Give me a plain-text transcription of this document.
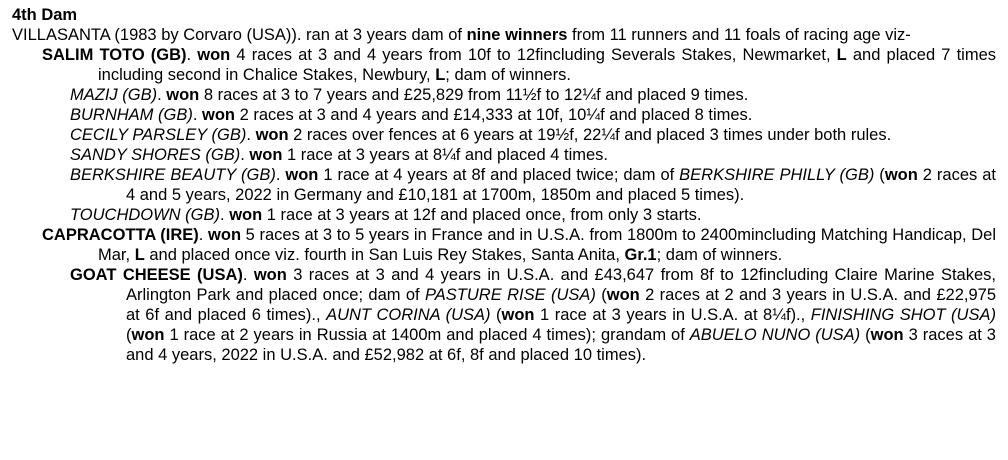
4th Dam
VILLASANTA (1983 by Corvaro (USA)). ran at 3 years dam of nine winners from 11 runners and 11 foals of racing age viz-
SALIM TOTO (GB). won 4 races at 3 and 4 years from 10f to 12fincluding Severals Stakes, Newmarket, L and placed 7 times including second in Chalice Stakes, Newbury, L; dam of winners.
MAZIJ (GB). won 8 races at 3 to 7 years and £25,829 from 11½f to 12¼f and placed 9 times.
BURNHAM (GB). won 2 races at 3 and 4 years and £14,333 at 10f, 10¼f and placed 8 times.
CECILY PARSLEY (GB). won 2 races over fences at 6 years at 19½f, 22¼f and placed 3 times under both rules.
SANDY SHORES (GB). won 1 race at 3 years at 8¼f and placed 4 times.
BERKSHIRE BEAUTY (GB). won 1 race at 4 years at 8f and placed twice; dam of BERKSHIRE PHILLY (GB) (won 2 races at 4 and 5 years, 2022 in Germany and £10,181 at 1700m, 1850m and placed 5 times).
TOUCHDOWN (GB). won 1 race at 3 years at 12f and placed once, from only 3 starts.
CAPRACOTTA (IRE). won 5 races at 3 to 5 years in France and in U.S.A. from 1800m to 2400mincluding Matching Handicap, Del Mar, L and placed once viz. fourth in San Luis Rey Stakes, Santa Anita, Gr.1; dam of winners.
GOAT CHEESE (USA). won 3 races at 3 and 4 years in U.S.A. and £43,647 from 8f to 12fincluding Claire Marine Stakes, Arlington Park and placed once; dam of PASTURE RISE (USA) (won 2 races at 2 and 3 years in U.S.A. and £22,975 at 6f and placed 6 times)., AUNT CORINA (USA) (won 1 race at 3 years in U.S.A. at 8¼f)., FINISHING SHOT (USA) (won 1 race at 2 years in Russia at 1400m and placed 4 times); grandam of ABUELO NUNO (USA) (won 3 races at 3 and 4 years, 2022 in U.S.A. and £52,982 at 6f, 8f and placed 10 times).
